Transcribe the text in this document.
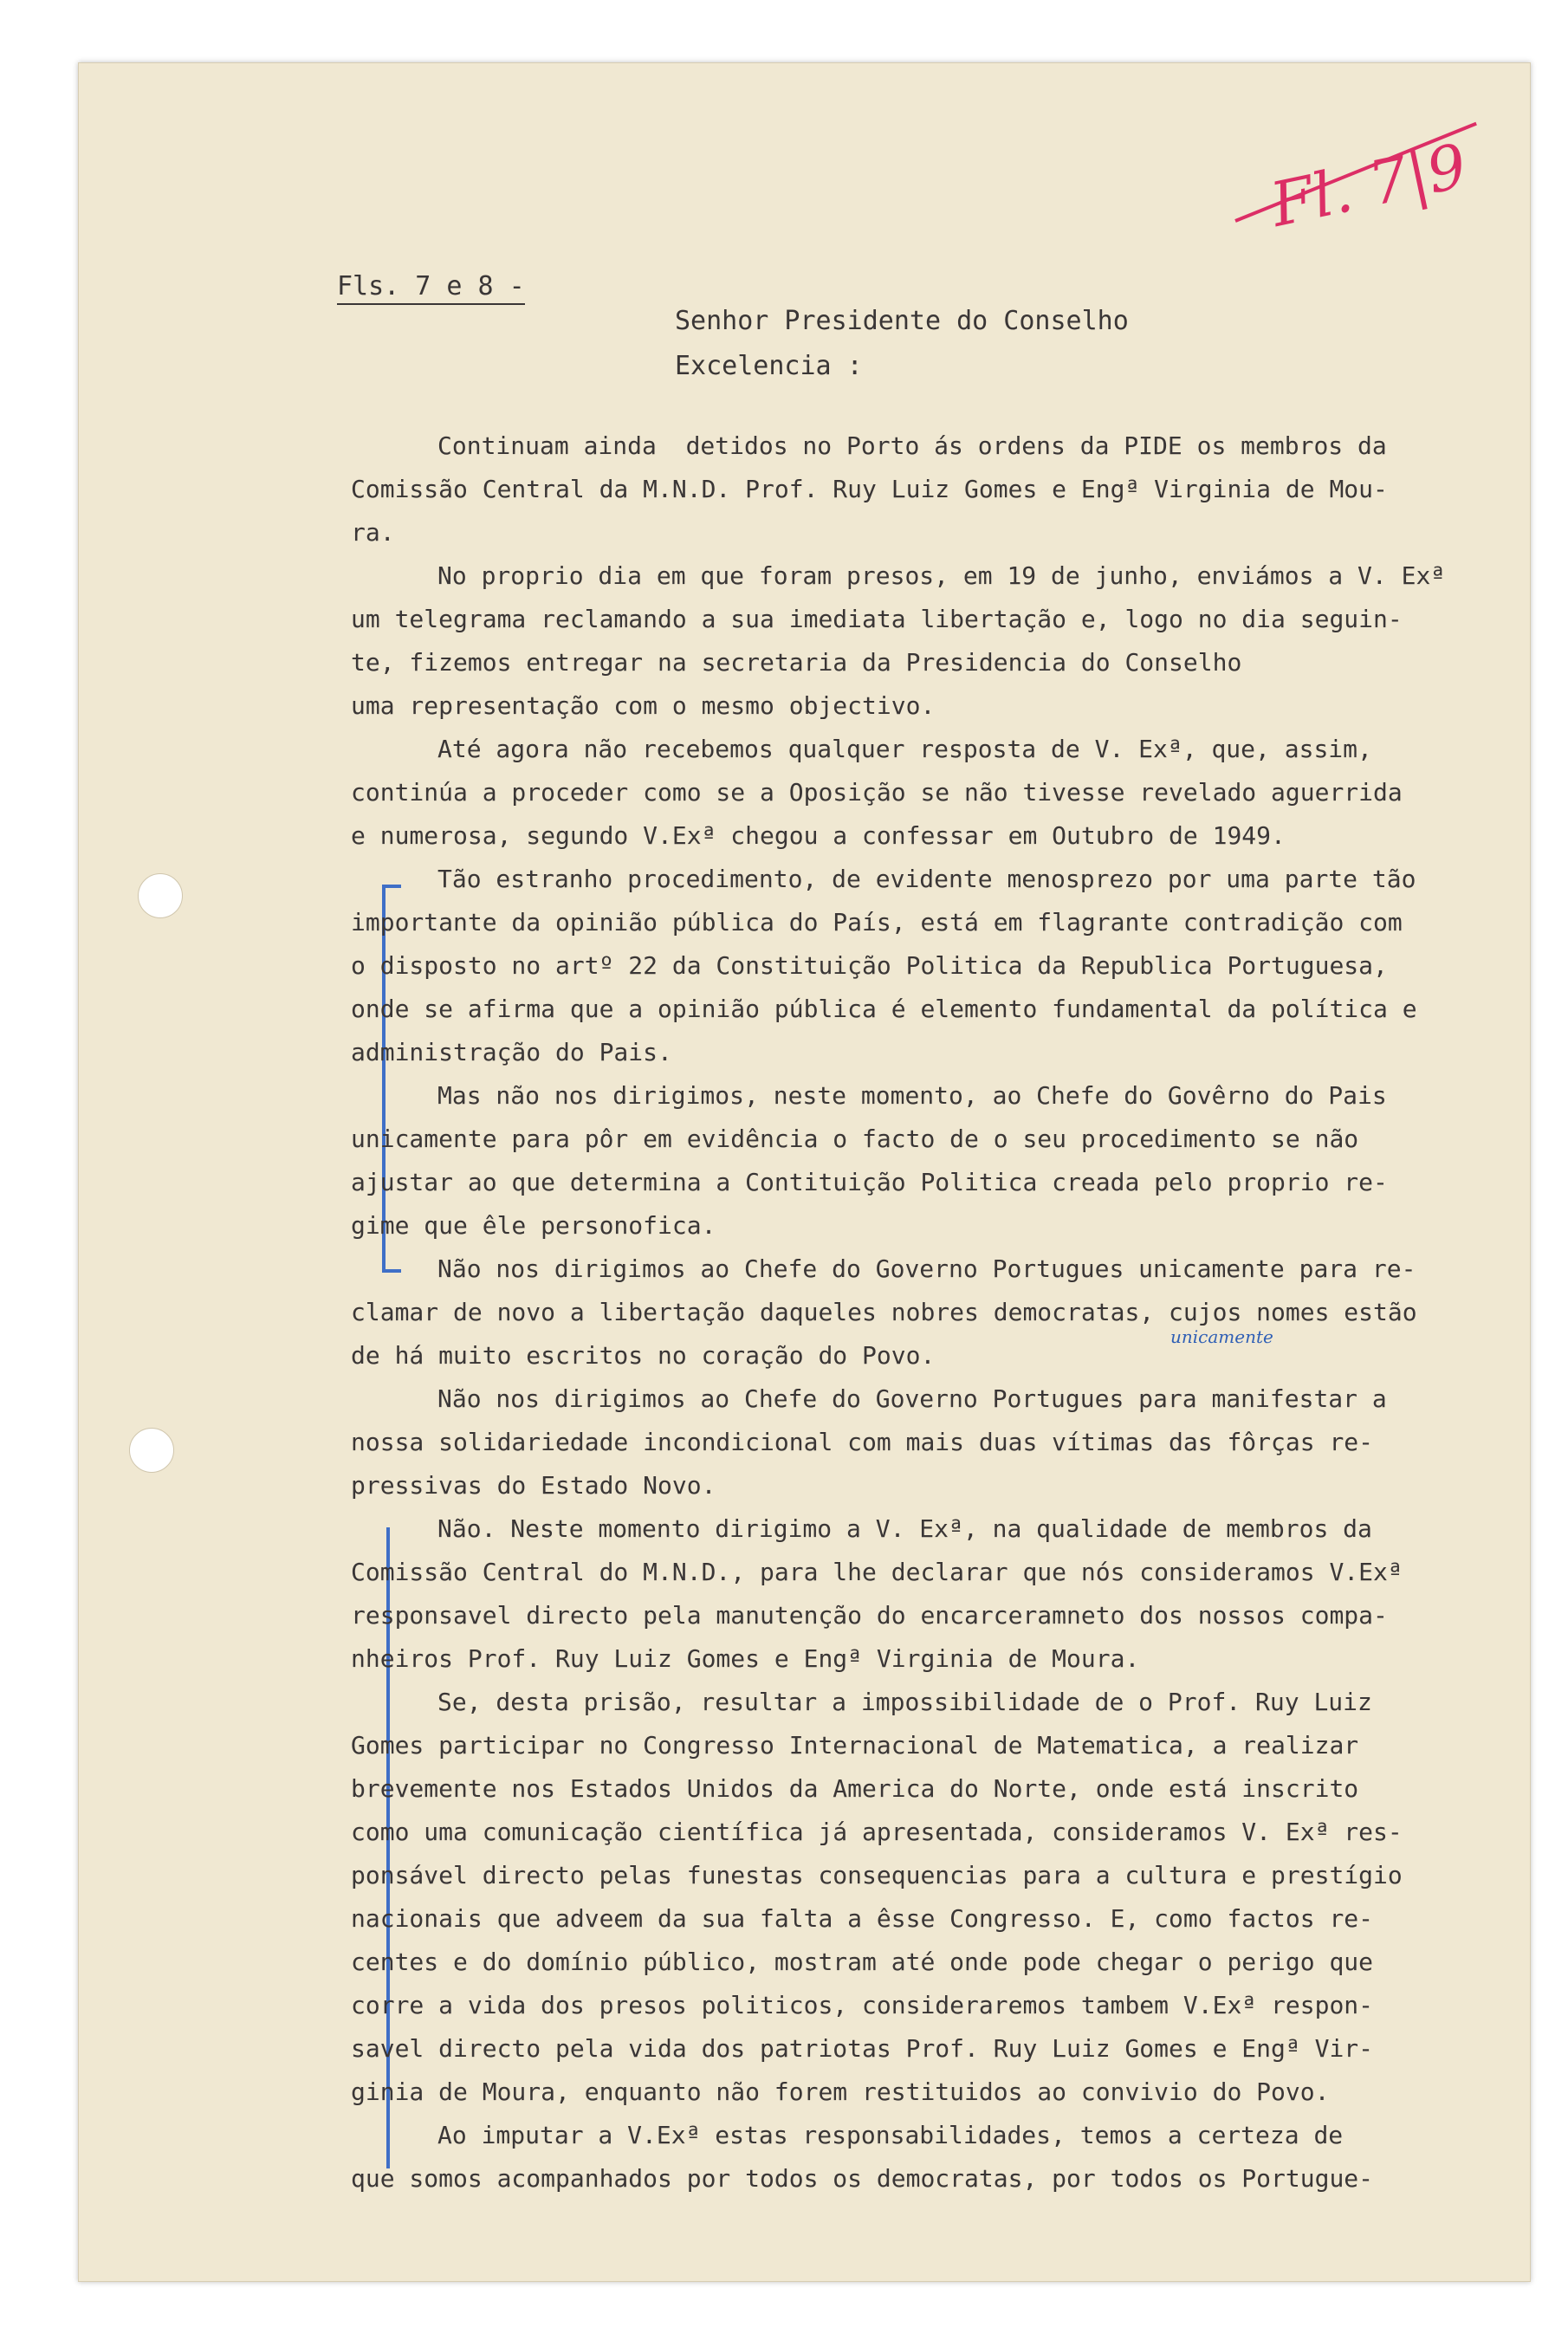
Fl. 7|9
Fls. 7 e 8 -
Senhor Presidente do Conselho
Excelencia :
unicamente
Continuam ainda  detidos no Porto ás ordens da PIDE os membros da
Comissão Central da M.N.D. Prof. Ruy Luiz Gomes e Engª Virginia de Mou-
ra.
No proprio dia em que foram presos, em 19 de junho, enviámos a V. Exª
um telegrama reclamando a sua imediata libertação e, logo no dia seguin-
te, fizemos entregar na secretaria da Presidencia do Conselho
uma representação com o mesmo objectivo.
Até agora não recebemos qualquer resposta de V. Exª, que, assim,
continúa a proceder como se a Oposição se não tivesse revelado aguerrida
e numerosa, segundo V.Exª chegou a confessar em Outubro de 1949.
Tão estranho procedimento, de evidente menosprezo por uma parte tão
importante da opinião pública do País, está em flagrante contradição com
o disposto no artº 22 da Constituição Politica da Republica Portuguesa,
onde se afirma que a opinião pública é elemento fundamental da política e
administração do Pais.
Mas não nos dirigimos, neste momento, ao Chefe do Govêrno do Pais
unicamente para pôr em evidência o facto de o seu procedimento se não
ajustar ao que determina a Contituição Politica creada pelo proprio re-
gime que êle personofica.
Não nos dirigimos ao Chefe do Governo Portugues unicamente para re-
clamar de novo a libertação daqueles nobres democratas, cujos nomes estão
de há muito escritos no coração do Povo.
Não nos dirigimos ao Chefe do Governo Portugues para manifestar a
nossa solidariedade incondicional com mais duas vítimas das fôrças re-
pressivas do Estado Novo.
Não. Neste momento dirigimo a V. Exª, na qualidade de membros da
Comissão Central do M.N.D., para lhe declarar que nós consideramos V.Exª
responsavel directo pela manutenção do encarceramneto dos nossos compa-
nheiros Prof. Ruy Luiz Gomes e Engª Virginia de Moura.
Se, desta prisão, resultar a impossibilidade de o Prof. Ruy Luiz
Gomes participar no Congresso Internacional de Matematica, a realizar
brevemente nos Estados Unidos da America do Norte, onde está inscrito
como uma comunicação científica já apresentada, consideramos V. Exª res-
ponsável directo pelas funestas consequencias para a cultura e prestígio
nacionais que adveem da sua falta a êsse Congresso. E, como factos re-
centes e do domínio público, mostram até onde pode chegar o perigo que
corre a vida dos presos politicos, consideraremos tambem V.Exª respon-
savel directo pela vida dos patriotas Prof. Ruy Luiz Gomes e Engª Vir-
ginia de Moura, enquanto não forem restituidos ao convivio do Povo.
Ao imputar a V.Exª estas responsabilidades, temos a certeza de
que somos acompanhados por todos os democratas, por todos os Portugue-
